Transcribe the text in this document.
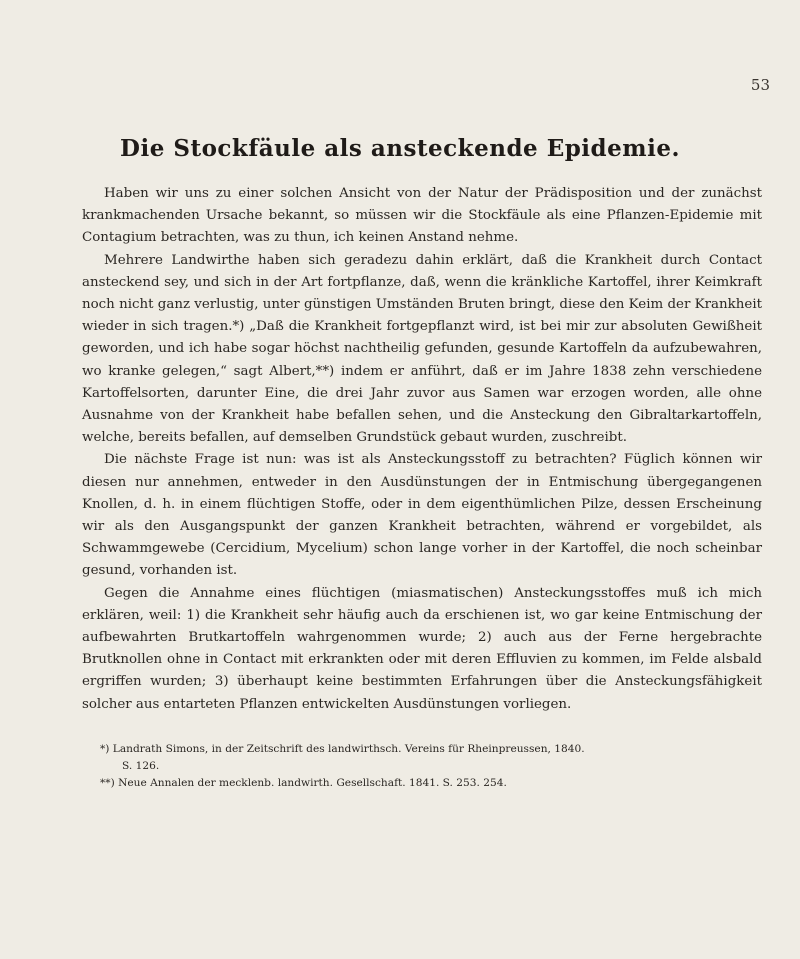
53
Die Stockfäule als ansteckende Epidemie.

Haben wir uns zu einer solchen Ansicht von der Natur der Prädisposition und der zunächst krankmachenden Ursache bekannt, so müssen wir die Stockfäule als eine Pflanzen-Epidemie mit Contagium betrachten, was zu thun, ich keinen Anstand nehme.

Mehrere Landwirthe haben sich geradezu dahin erklärt, daß die Krankheit durch Contact ansteckend sey, und sich in der Art fortpflanze, daß, wenn die kränkliche Kartoffel, ihrer Keimkraft noch nicht ganz verlustig, unter günstigen Umständen Bruten bringt, diese den Keim der Krankheit wieder in sich tragen.*) „Daß die Krankheit fortgepflanzt wird, ist bei mir zur absoluten Gewißheit geworden, und ich habe sogar höchst nachtheilig gefunden, gesunde Kartoffeln da aufzubewahren, wo kranke gelegen,“ sagt Albert,**) indem er anführt, daß er im Jahre 1838 zehn verschiedene Kartoffelsorten, darunter Eine, die drei Jahr zuvor aus Samen war erzogen worden, alle ohne Ausnahme von der Krankheit habe befallen sehen, und die Ansteckung den Gibraltarkartoffeln, welche, bereits befallen, auf demselben Grundstück gebaut wurden, zuschreibt.

Die nächste Frage ist nun: was ist als Ansteckungsstoff zu betrachten? Füglich können wir diesen nur annehmen, entweder in den Ausdünstungen der in Entmischung übergegangenen Knollen, d. h. in einem flüchtigen Stoffe, oder in dem eigenthümlichen Pilze, dessen Erscheinung wir als den Ausgangspunkt der ganzen Krankheit betrachten, während er vorgebildet, als Schwammgewebe (Cercidium, Mycelium) schon lange vorher in der Kartoffel, die noch scheinbar gesund, vorhanden ist.

Gegen die Annahme eines flüchtigen (miasmatischen) Ansteckungsstoffes muß ich mich erklären, weil: 1) die Krankheit sehr häufig auch da erschienen ist, wo gar keine Entmischung der aufbewahrten Brutkartoffeln wahrgenommen wurde; 2) auch aus der Ferne hergebrachte Brutknollen ohne in Contact mit erkrankten oder mit deren Effluvien zu kommen, im Felde alsbald ergriffen wurden; 3) überhaupt keine bestimmten Erfahrungen über die Ansteckungsfähigkeit solcher aus entarteten Pflanzen entwickelten Ausdünstungen vorliegen.

*) Landrath Simons, in der Zeitschrift des landwirthsch. Vereins für Rheinpreussen, 1840.

S. 126.

**) Neue Annalen der mecklenb. landwirth. Gesellschaft. 1841. S. 253. 254.
